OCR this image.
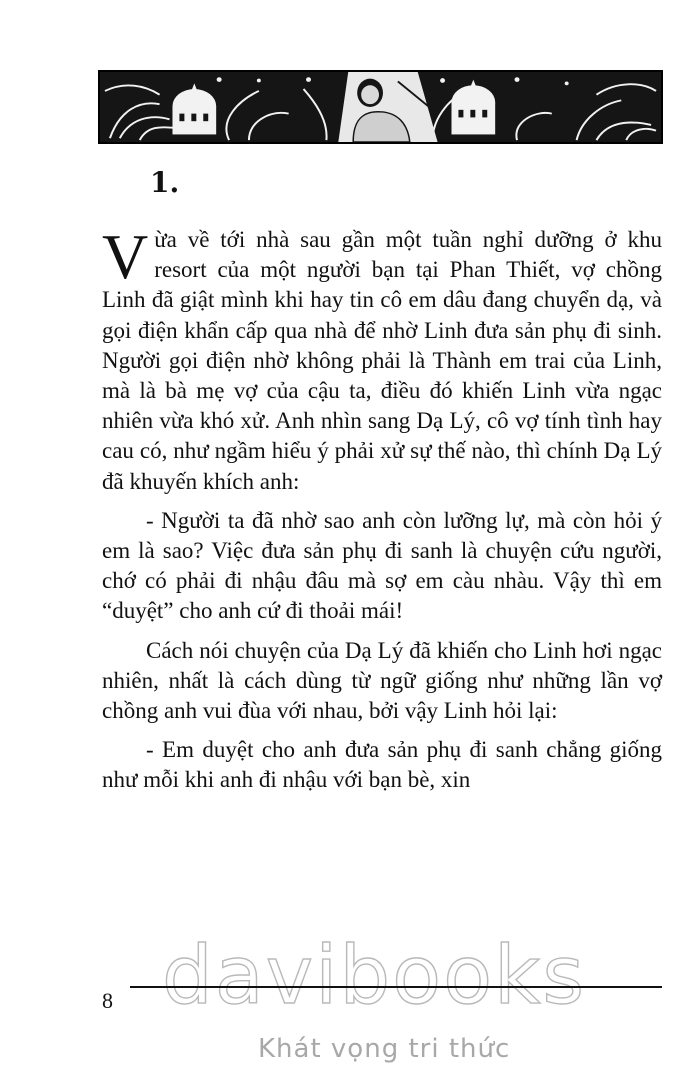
1.

Vừa về tới nhà sau gần một tuần nghỉ dưỡng ở khu resort của một người bạn tại Phan Thiết, vợ chồng Linh đã giật mình khi hay tin cô em dâu đang chuyển dạ, và gọi điện khẩn cấp qua nhà để nhờ Linh đưa sản phụ đi sinh. Người gọi điện nhờ không phải là Thành em trai của Linh, mà là bà mẹ vợ của cậu ta, điều đó khiến Linh vừa ngạc nhiên vừa khó xử. Anh nhìn sang Dạ Lý, cô vợ tính tình hay cau có, như ngầm hiểu ý phải xử sự thế nào, thì chính Dạ Lý đã khuyến khích anh:

- Người ta đã nhờ sao anh còn lưỡng lự, mà còn hỏi ý em là sao? Việc đưa sản phụ đi sanh là chuyện cứu người, chớ có phải đi nhậu đâu mà sợ em càu nhàu. Vậy thì em “duyệt” cho anh cứ đi thoải mái!

Cách nói chuyện của Dạ Lý đã khiến cho Linh hơi ngạc nhiên, nhất là cách dùng từ ngữ giống như những lần vợ chồng anh vui đùa với nhau, bởi vậy Linh hỏi lại:

- Em duyệt cho anh đưa sản phụ đi sanh chẳng giống như mỗi khi anh đi nhậu với bạn bè, xin

davibooks
8
Khát vọng tri thức
